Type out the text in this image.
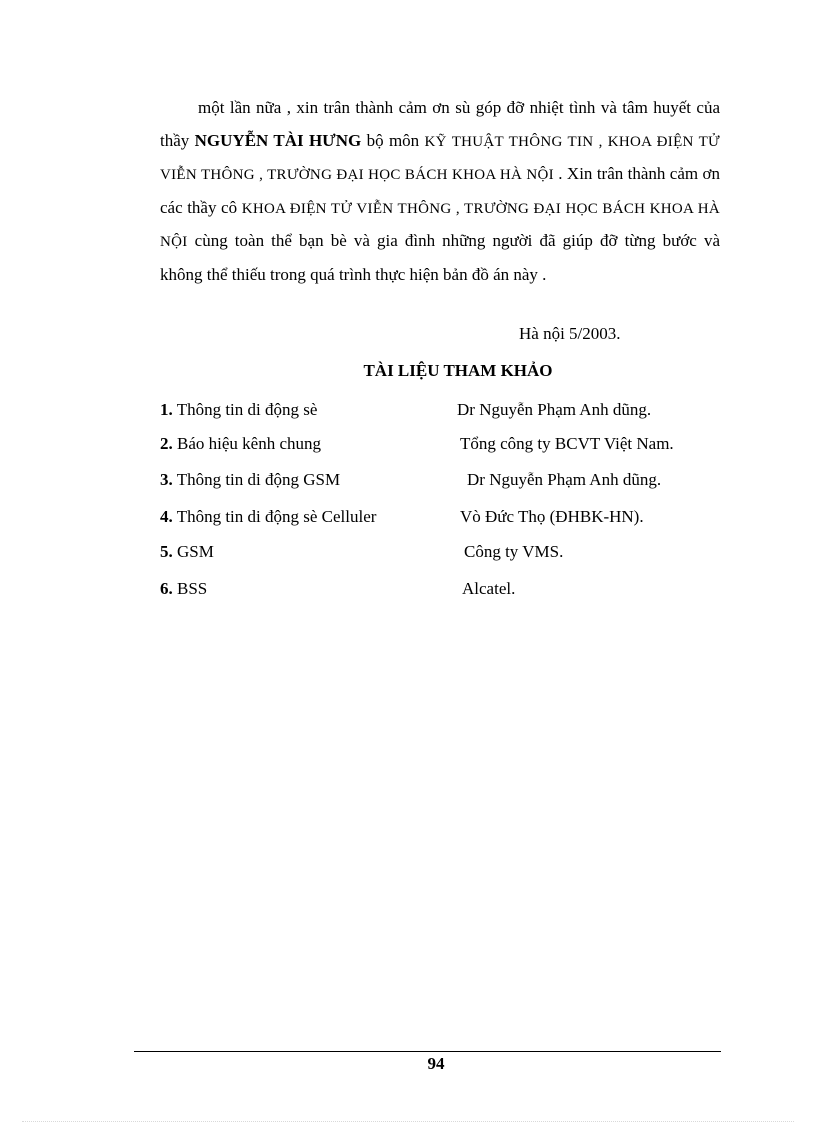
một lần nữa , xin trân thành cảm ơn sù góp đỡ nhiệt tình và tâm huyết của thầy NGUYỄN TÀI HƯNG bộ môn KỸ THUẬT THÔNG TIN , KHOA ĐIỆN TỬ VIỄN THÔNG , TRƯỜNG ĐẠI HỌC BÁCH KHOA HÀ NỘI . Xin trân thành cảm ơn các thầy cô KHOA ĐIỆN TỬ VIỄN THÔNG , TRƯỜNG ĐẠI HỌC BÁCH KHOA HÀ NỘI cùng toàn thể bạn bè và gia đình những người đã giúp đỡ từng bước và không thể thiếu trong quá trình thực hiện bản đồ án này .

Hà nội 5/2003.

TÀI LIỆU THAM KHẢO
1. Thông tin di động sè	Dr Nguyễn Phạm Anh dũng.
2. Báo hiệu kênh chung	Tổng công ty BCVT Việt Nam.
3. Thông tin di động GSM	Dr Nguyễn Phạm Anh dũng.
4. Thông tin di động sè Celluler	Vò Đức Thọ (ĐHBK-HN).
5. GSM	Công ty VMS.
6. BSS	Alcatel.

94
